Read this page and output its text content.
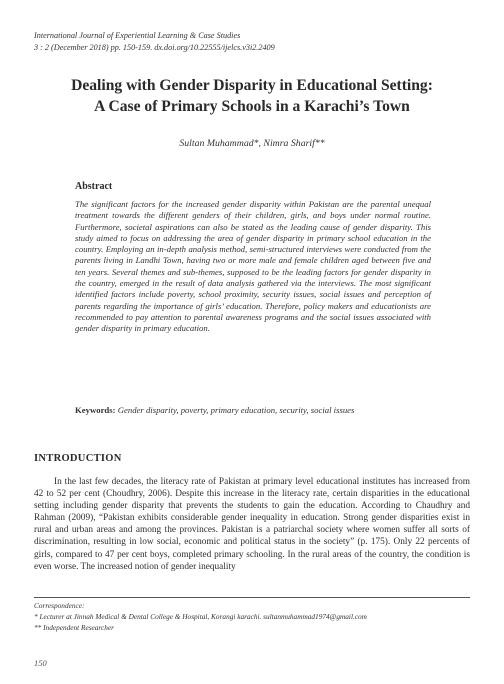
International Journal of Experiential Learning & Case Studies
3 : 2 (December 2018) pp. 150-159. dx.doi.org/10.22555/ijelcs.v3i2.2409
Dealing with Gender Disparity in Educational Setting:
A Case of Primary Schools in a Karachi’s Town
Sultan Muhammad*, Nimra Sharif**
Abstract
The significant factors for the increased gender disparity within Pakistan are the parental unequal treatment towards the different genders of their children, girls, and boys under normal routine. Furthermore, societal aspirations can also be stated as the leading cause of gender disparity. This study aimed to focus on addressing the area of gender disparity in primary school education in the country. Employing an in-depth analysis method, semi-structured interviews were conducted from the parents living in Landhi Town, having two or more male and female children aged between five and ten years. Several themes and sub-themes, supposed to be the leading factors for gender disparity in the country, emerged in the result of data analysis gathered via the interviews. The most significant identified factors include poverty, school proximity, security issues, social issues and perception of parents regarding the importance of girls’ education. Therefore, policy makers and educationists are recommended to pay attention to parental awareness programs and the social issues associated with gender disparity in primary education.
Keywords: Gender disparity, poverty, primary education, security, social issues
INTRODUCTION
In the last few decades, the literacy rate of Pakistan at primary level educational institutes has increased from 42 to 52 per cent (Choudhry, 2006). Despite this increase in the literacy rate, certain disparities in the educational setting including gender disparity that prevents the students to gain the education. According to Chaudhry and Rahman (2009), “Pakistan exhibits considerable gender inequality in education. Strong gender disparities exist in rural and urban areas and among the provinces. Pakistan is a patriarchal society where women suffer all sorts of discrimination, resulting in low social, economic and political status in the society” (p. 175). Only 22 percents of girls, compared to 47 per cent boys, completed primary schooling. In the rural areas of the country, the condition is even worse. The increased notion of gender inequality
Correspondence:
* Lecturer at Jinnah Medical & Dental College & Hospital, Korangi karachi. sultanmuhammad1974@gmail.com
** Independent Researcher
150
